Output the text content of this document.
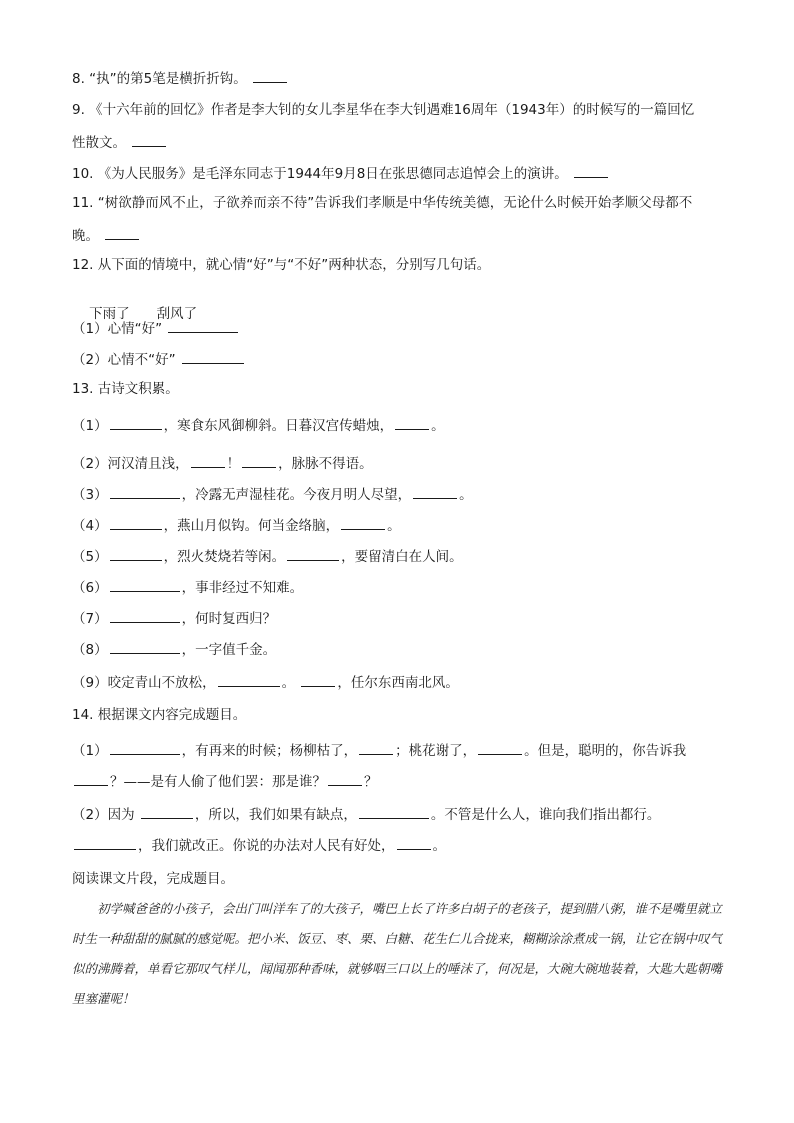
8. “执”的第5笔是横折折钩。
9. 《十六年前的回忆》作者是李大钊的女儿李星华在李大钊遇难16周年（1943年）的时候写的一篇回忆
性散文。
10. 《为人民服务》是毛泽东同志于1944年9月8日在张思德同志追悼会上的演讲。
11. “树欲静而风不止，子欲养而亲不待”告诉我们孝顺是中华传统美德，无论什么时候开始孝顺父母都不
晚。
12. 从下面的情境中，就心情“好”与“不好”两种状态，分别写几句话。

下雨了　　刮风了

（1）心情“好”
（2）心情不“好”
13. 古诗文积累。
（1）	，寒食东风御柳斜。日暮汉宫传蜡烛，	。
（2）河汉清且浅，	！	，脉脉不得语。
（3）	，冷露无声湿桂花。今夜月明人尽望，	。
（4）	，燕山月似钩。何当金络脑，	。
（5）	，烈火焚烧若等闲。	，要留清白在人间。
（6）	，事非经过不知难。
（7）	，何时复西归？
（8）	，一字值千金。
（9）咬定青山不放松，	。	，任尔东西南北风。
14. 根据课文内容完成题目。
（1）	，有再来的时候；杨柳枯了，	；桃花谢了，	。但是，聪明的，你告诉我
？——是有人偷了他们罢：那是谁？	？
（2）因为	，所以，我们如果有缺点，	。不管是什么人，谁向我们指出都行。
，我们就改正。你说的办法对人民有好处，	。
阅读课文片段，完成题目。

初学喊爸爸的小孩子，会出门叫洋车了的大孩子，嘴巴上长了许多白胡子的老孩子，提到腊八粥，谁不是嘴里就立时生一种甜甜的腻腻的感觉呢。把小米、饭豆、枣、栗、白糖、花生仁儿合拢来，糊糊涂涂煮成一锅，让它在锅中叹气似的沸腾着，单看它那叹气样儿，闻闻那种香味，就够咽三口以上的唾沫了，何况是，大碗大碗地装着，大匙大匙朝嘴里塞灌呢！
